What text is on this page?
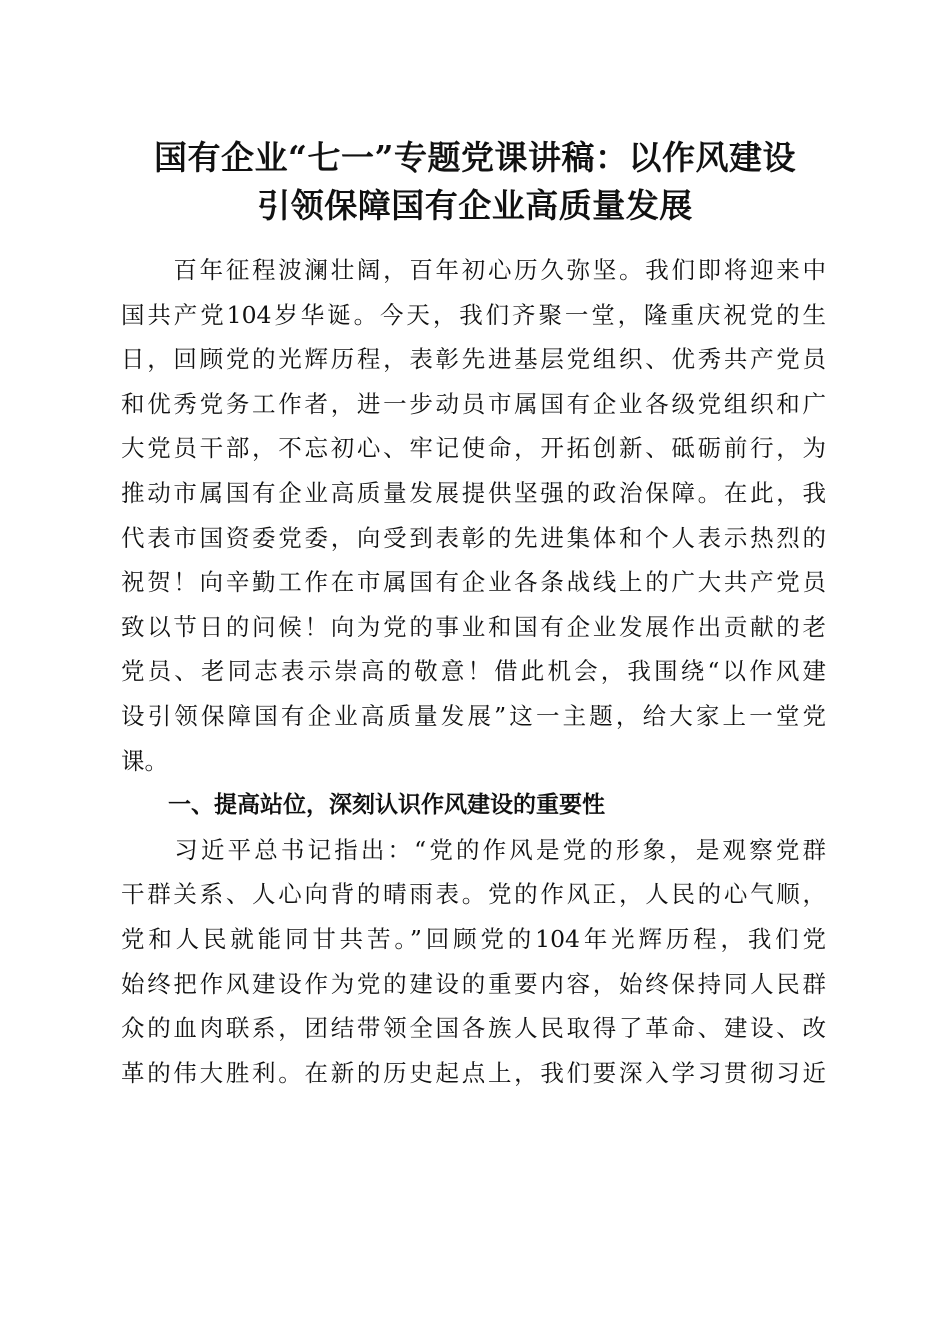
国有企业“七一”专题党课讲稿：以作风建设
引领保障国有企业高质量发展
　　百年征程波澜壮阔，百年初心历久弥坚。我们即将迎来中
国共产党104岁华诞。今天，我们齐聚一堂，隆重庆祝党的生
日，回顾党的光辉历程，表彰先进基层党组织、优秀共产党员
和优秀党务工作者，进一步动员市属国有企业各级党组织和广
大党员干部，不忘初心、牢记使命，开拓创新、砥砺前行，为
推动市属国有企业高质量发展提供坚强的政治保障。在此，我
代表市国资委党委，向受到表彰的先进集体和个人表示热烈的
祝贺！向辛勤工作在市属国有企业各条战线上的广大共产党员
致以节日的问候！向为党的事业和国有企业发展作出贡献的老
党员、老同志表示崇高的敬意！借此机会，我围绕“以作风建
设引领保障国有企业高质量发展”这一主题，给大家上一堂党
课。
一、提高站位，深刻认识作风建设的重要性
　　习近平总书记指出：“党的作风是党的形象，是观察党群
干群关系、人心向背的晴雨表。党的作风正，人民的心气顺，
党和人民就能同甘共苦。”回顾党的104年光辉历程，我们党
始终把作风建设作为党的建设的重要内容，始终保持同人民群
众的血肉联系，团结带领全国各族人民取得了革命、建设、改
革的伟大胜利。在新的历史起点上，我们要深入学习贯彻习近
